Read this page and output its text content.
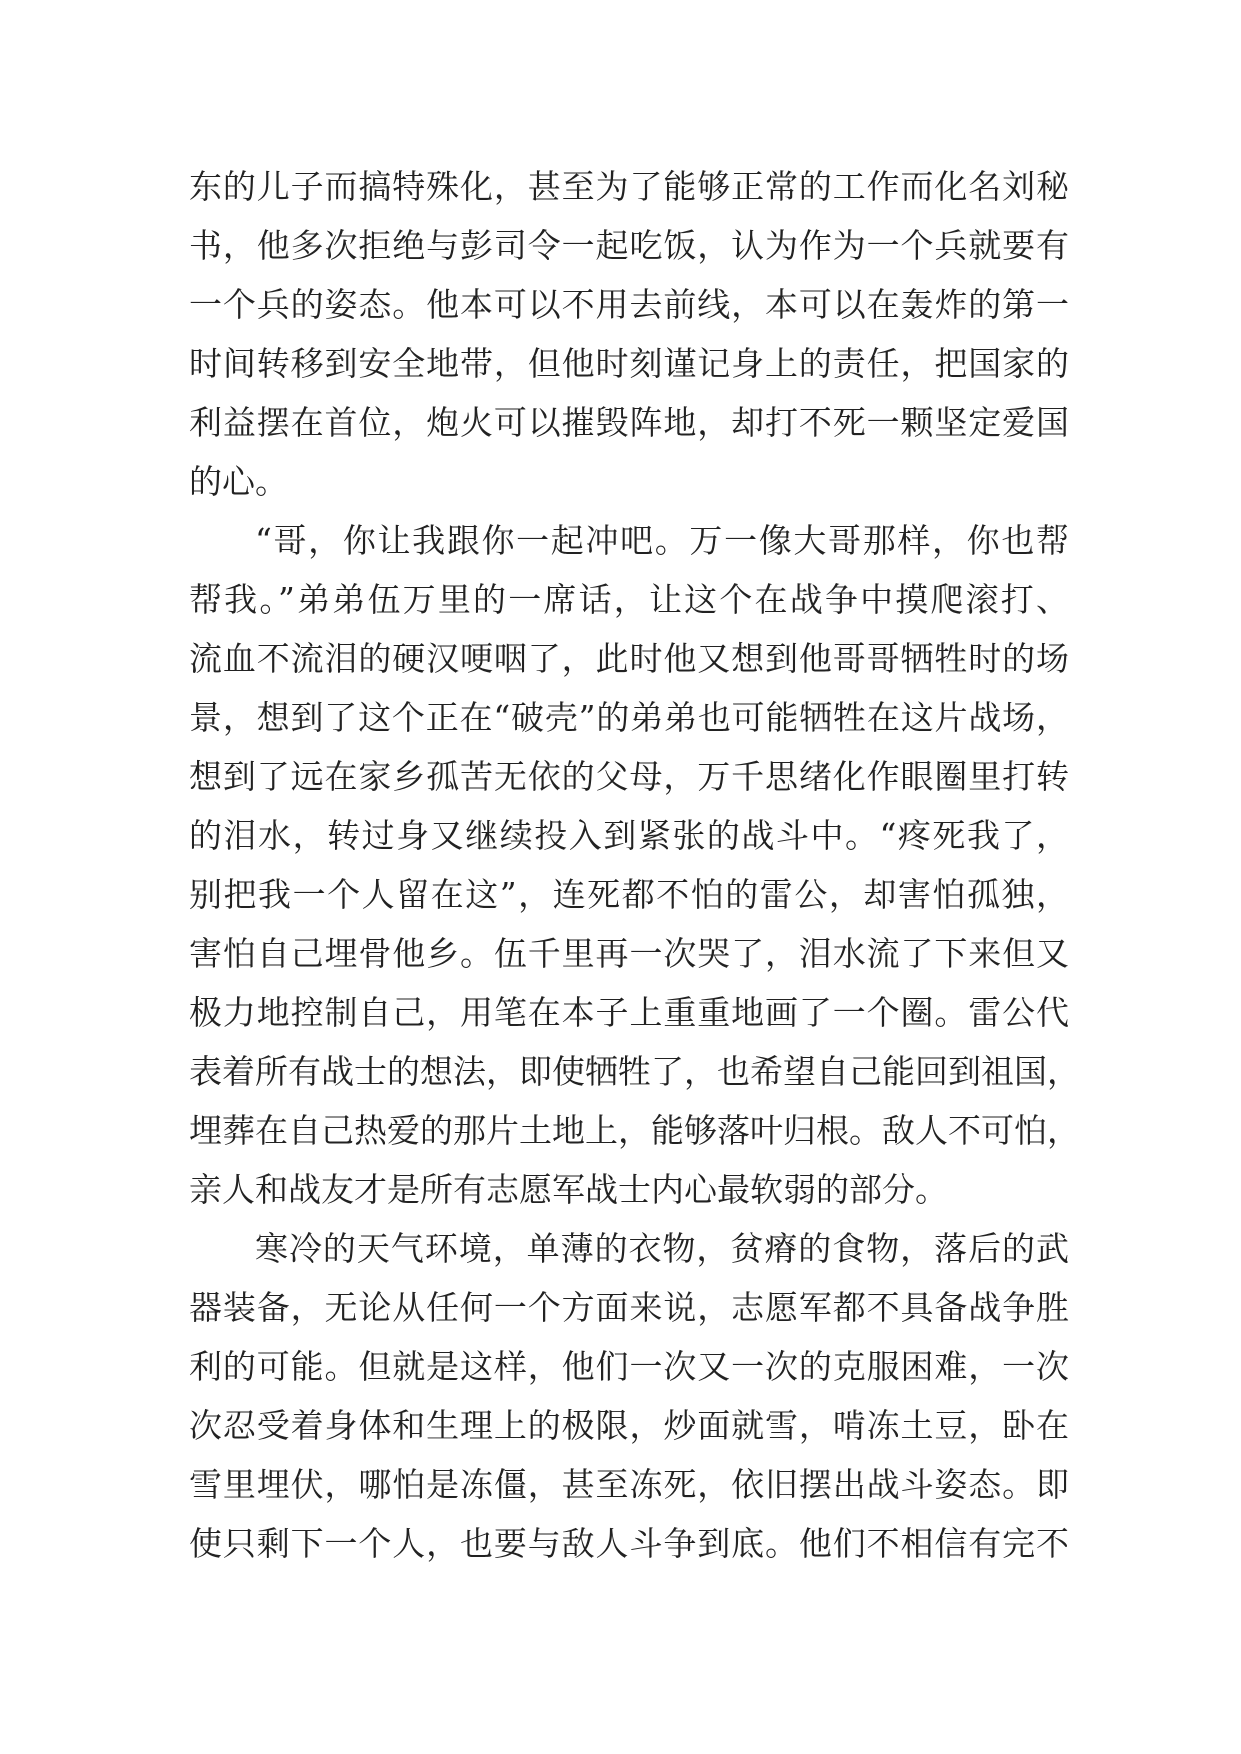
东的儿子而搞特殊化，甚至为了能够正常的工作而化名刘秘
书，他多次拒绝与彭司令一起吃饭，认为作为一个兵就要有
一个兵的姿态。他本可以不用去前线，本可以在轰炸的第一
时间转移到安全地带，但他时刻谨记身上的责任，把国家的
利益摆在首位，炮火可以摧毁阵地，却打不死一颗坚定爱国
的心。
“哥，你让我跟你一起冲吧。万一像大哥那样，你也帮
帮我。”弟弟伍万里的一席话，让这个在战争中摸爬滚打、
流血不流泪的硬汉哽咽了，此时他又想到他哥哥牺牲时的场
景，想到了这个正在“破壳”的弟弟也可能牺牲在这片战场，
想到了远在家乡孤苦无依的父母，万千思绪化作眼圈里打转
的泪水，转过身又继续投入到紧张的战斗中。“疼死我了，
别把我一个人留在这”，连死都不怕的雷公，却害怕孤独，
害怕自己埋骨他乡。伍千里再一次哭了，泪水流了下来但又
极力地控制自己，用笔在本子上重重地画了一个圈。雷公代
表着所有战士的想法，即使牺牲了，也希望自己能回到祖国，
埋葬在自己热爱的那片土地上，能够落叶归根。敌人不可怕，
亲人和战友才是所有志愿军战士内心最软弱的部分。
寒冷的天气环境，单薄的衣物，贫瘠的食物，落后的武
器装备，无论从任何一个方面来说，志愿军都不具备战争胜
利的可能。但就是这样，他们一次又一次的克服困难，一次
次忍受着身体和生理上的极限，炒面就雪，啃冻土豆，卧在
雪里埋伏，哪怕是冻僵，甚至冻死，依旧摆出战斗姿态。即
使只剩下一个人，也要与敌人斗争到底。他们不相信有完不
